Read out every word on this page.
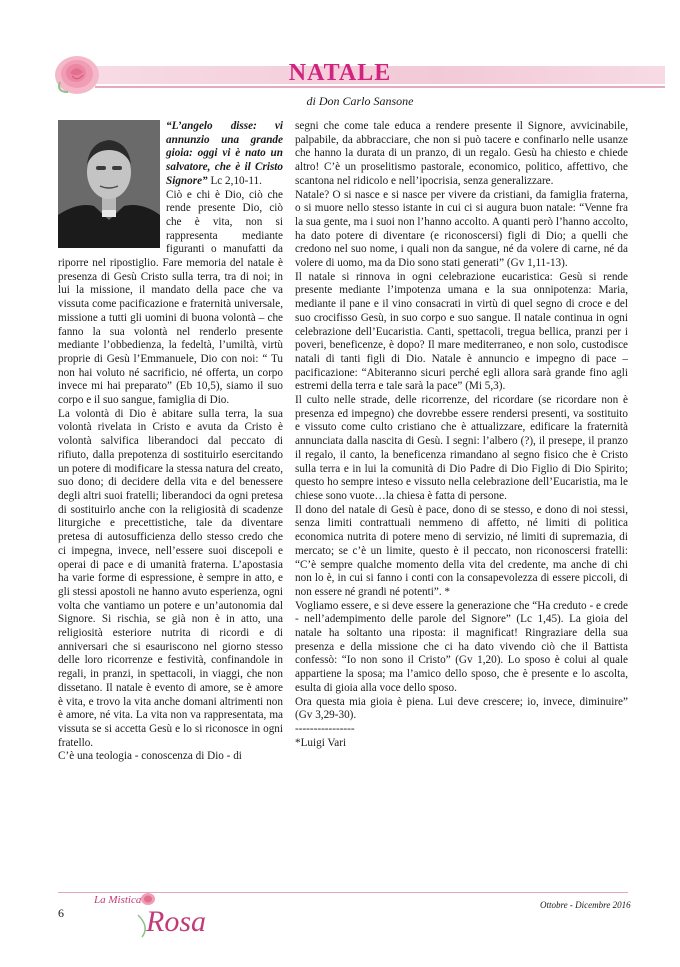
NATALE
di Don Carlo Sansone

“L’angelo disse: vi annunzio una grande gioia: oggi vi è nato un salvatore, che è il Cristo Signore” Lc 2,10-11.

Ciò e chi è Dio, ciò che rende presente Dio, ciò che è vita, non si rappresenta mediante figuranti o manufatti da riporre nel ripostiglio. Fare memoria del natale è presenza di Gesù Cristo sulla terra, tra di noi; in lui la missione, il mandato della pace che va vissuta come pacificazione e fraternità universale, missione a tutti gli uomini di buona volontà – che fanno la sua volontà nel renderlo presente mediante l’obbedienza, la fedeltà, l’umiltà, virtù proprie di Gesù l’Emmanuele, Dio con noi: “ Tu non hai voluto né sacrificio, né offerta, un corpo invece mi hai preparato” (Eb 10,5), siamo il suo corpo e il suo sangue, famiglia di Dio.

La volontà di Dio è abitare sulla terra, la sua volontà rivelata in Cristo e avuta da Cristo è volontà salvifica liberandoci dal peccato di rifiuto, dalla prepotenza di sostituirlo esercitando un potere di modificare la stessa natura del creato, suo dono; di decidere della vita e del benessere degli altri suoi fratelli; liberandoci da ogni pretesa di sostituirlo anche con la religiosità di scadenze liturgiche e precettistiche, tale da diventare pretesa di autosufficienza dello stesso credo che ci impegna, invece, nell’essere suoi discepoli e operai di pace e di umanità fraterna. L’apostasia ha varie forme di espressione, è sempre in atto, e gli stessi apostoli ne hanno avuto esperienza, ogni volta che vantiamo un potere e un’autonomia dal Signore. Si rischia, se già non è in atto, una religiosità esteriore nutrita di ricordi e di anniversari che si esauriscono nel giorno stesso delle loro ricorrenze e festività, confinandole in regali, in pranzi, in spettacoli, in viaggi, che non dissetano. Il natale è evento di amore, se è amore è vita, e trovo la vita anche domani altrimenti non è amore, né vita. La vita non va rappresentata, ma vissuta se si accetta Gesù e lo si riconosce in ogni fratello.

C’è una teologia - conoscenza di Dio - di

segni che come tale educa a rendere presente il Signore, avvicinabile, palpabile, da abbracciare, che non si può tacere e confinarlo nelle usanze che hanno la durata di un pranzo, di un regalo. Gesù ha chiesto e chiede altro! C’è un proselitismo pastorale, economico, politico, affettivo, che scantona nel ridicolo e nell’ipocrisia, senza generalizzare.

Natale? O si nasce e si nasce per vivere da cristiani, da famiglia fraterna, o si muore nello stesso istante in cui ci si augura buon natale: “Venne fra la sua gente, ma i suoi non l’hanno accolto. A quanti però l’hanno accolto, ha dato potere di diventare (e riconoscersi) figli di Dio; a quelli che credono nel suo nome, i quali non da sangue, né da volere di carne, né da volere di uomo, ma da Dio sono stati generati” (Gv 1,11-13).

Il natale si rinnova in ogni celebrazione eucaristica: Gesù si rende presente mediante l’impotenza umana e la sua onnipotenza: Maria, mediante il pane e il vino consacrati in virtù di quel segno di croce e del suo crocifisso Gesù, in suo corpo e suo sangue. Il natale continua in ogni celebrazione dell’Eucaristia. Canti, spettacoli, tregua bellica, pranzi per i poveri, beneficenze, è dopo? Il mare mediterraneo, e non solo, custodisce natali di tanti figli di Dio. Natale è annuncio e impegno di pace – pacificazione: “Abiteranno sicuri perché egli allora sarà grande fino agli estremi della terra e tale sarà la pace” (Mi 5,3).

Il culto nelle strade, delle ricorrenze, del ricordare (se ricordare non è presenza ed impegno) che dovrebbe essere rendersi presenti, va sostituito e vissuto come culto cristiano che è attualizzare, edificare la fraternità annunciata dalla nascita di Gesù. I segni: l’albero (?), il presepe, il pranzo il regalo, il canto, la beneficenza rimandano al segno fisico che è Cristo sulla terra e in lui la comunità di Dio Padre di Dio Figlio di Dio Spirito; questo ho sempre inteso e vissuto nella celebrazione dell’Eucaristia, ma le chiese sono vuote…la chiesa è fatta di persone.

Il dono del natale di Gesù è pace, dono di se stesso, e dono di noi stessi, senza limiti contrattuali nemmeno di affetto, né limiti di politica economica nutrita di potere meno di servizio, né limiti di supremazia, di mercato; se c’è un limite, questo è il peccato, non riconoscersi fratelli: “C’è sempre qualche momento della vita del credente, ma anche di chi non lo è, in cui si fanno i conti con la consapevolezza di essere piccoli, di non essere né grandi né potenti”. *

Vogliamo essere, e si deve essere la generazione che “Ha creduto - e crede - nell’adempimento delle parole del Signore” (Lc 1,45). La gioia del natale ha soltanto una riposta: il magnificat! Ringraziare della sua presenza e della missione che ci ha dato vivendo ciò che il Battista confessò: “Io non sono il Cristo” (Gv 1,20). Lo sposo è colui al quale appartiene la sposa; ma l’amico dello sposo, che è presente e lo ascolta, esulta di gioia alla voce dello sposo.

Ora questa mia gioia è piena. Lui deve crescere; io, invece, diminuire” (Gv 3,29-30).

----------------

*Luigi Vari

6
La Mistica
Rosa	Ottobre - Dicembre 2016
